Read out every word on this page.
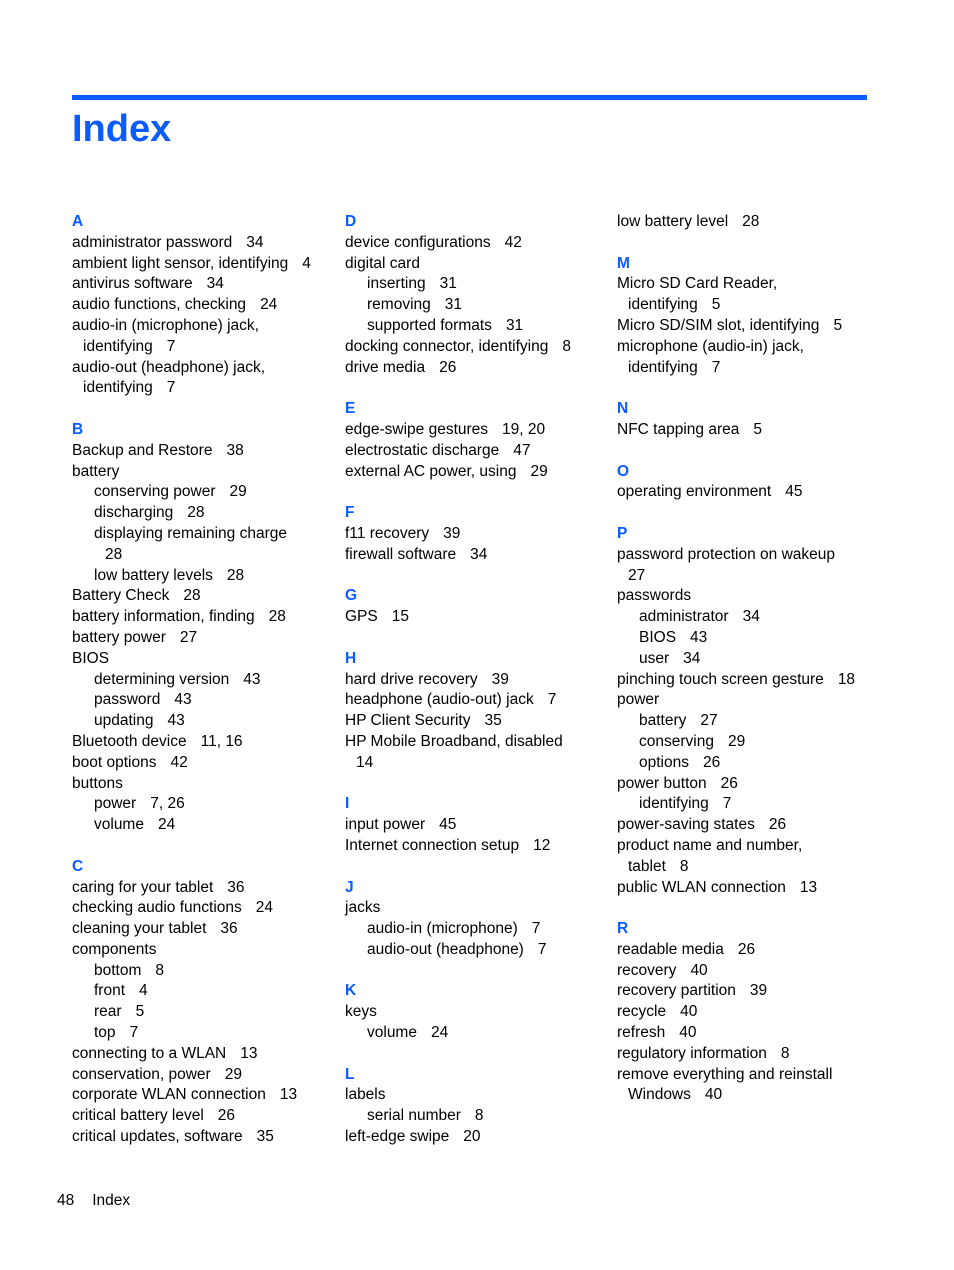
Index
A
administrator password 34
ambient light sensor, identifying 4
antivirus software 34
audio functions, checking 24
audio-in (microphone) jack,
identifying 7
audio-out (headphone) jack,
identifying 7
B
Backup and Restore 38
battery
conserving power 29
discharging 28
displaying remaining charge
28
low battery levels 28
Battery Check 28
battery information, finding 28
battery power 27
BIOS
determining version 43
password 43
updating 43
Bluetooth device 11, 16
boot options 42
buttons
power 7, 26
volume 24
C
caring for your tablet 36
checking audio functions 24
cleaning your tablet 36
components
bottom 8
front 4
rear 5
top 7
connecting to a WLAN 13
conservation, power 29
corporate WLAN connection 13
critical battery level 26
critical updates, software 35
D
device configurations 42
digital card
inserting 31
removing 31
supported formats 31
docking connector, identifying 8
drive media 26
E
edge-swipe gestures 19, 20
electrostatic discharge 47
external AC power, using 29
F
f11 recovery 39
firewall software 34
G
GPS 15
H
hard drive recovery 39
headphone (audio-out) jack 7
HP Client Security 35
HP Mobile Broadband, disabled
14
I
input power 45
Internet connection setup 12
J
jacks
audio-in (microphone) 7
audio-out (headphone) 7
K
keys
volume 24
L
labels
serial number 8
left-edge swipe 20
low battery level 28
M
Micro SD Card Reader,
identifying 5
Micro SD/SIM slot, identifying 5
microphone (audio-in) jack,
identifying 7
N
NFC tapping area 5
O
operating environment 45
P
password protection on wakeup
27
passwords
administrator 34
BIOS 43
user 34
pinching touch screen gesture 18
power
battery 27
conserving 29
options 26
power button 26
identifying 7
power-saving states 26
product name and number,
tablet 8
public WLAN connection 13
R
readable media 26
recovery 40
recovery partition 39
recycle 40
refresh 40
regulatory information 8
remove everything and reinstall
Windows 40
48 Index
